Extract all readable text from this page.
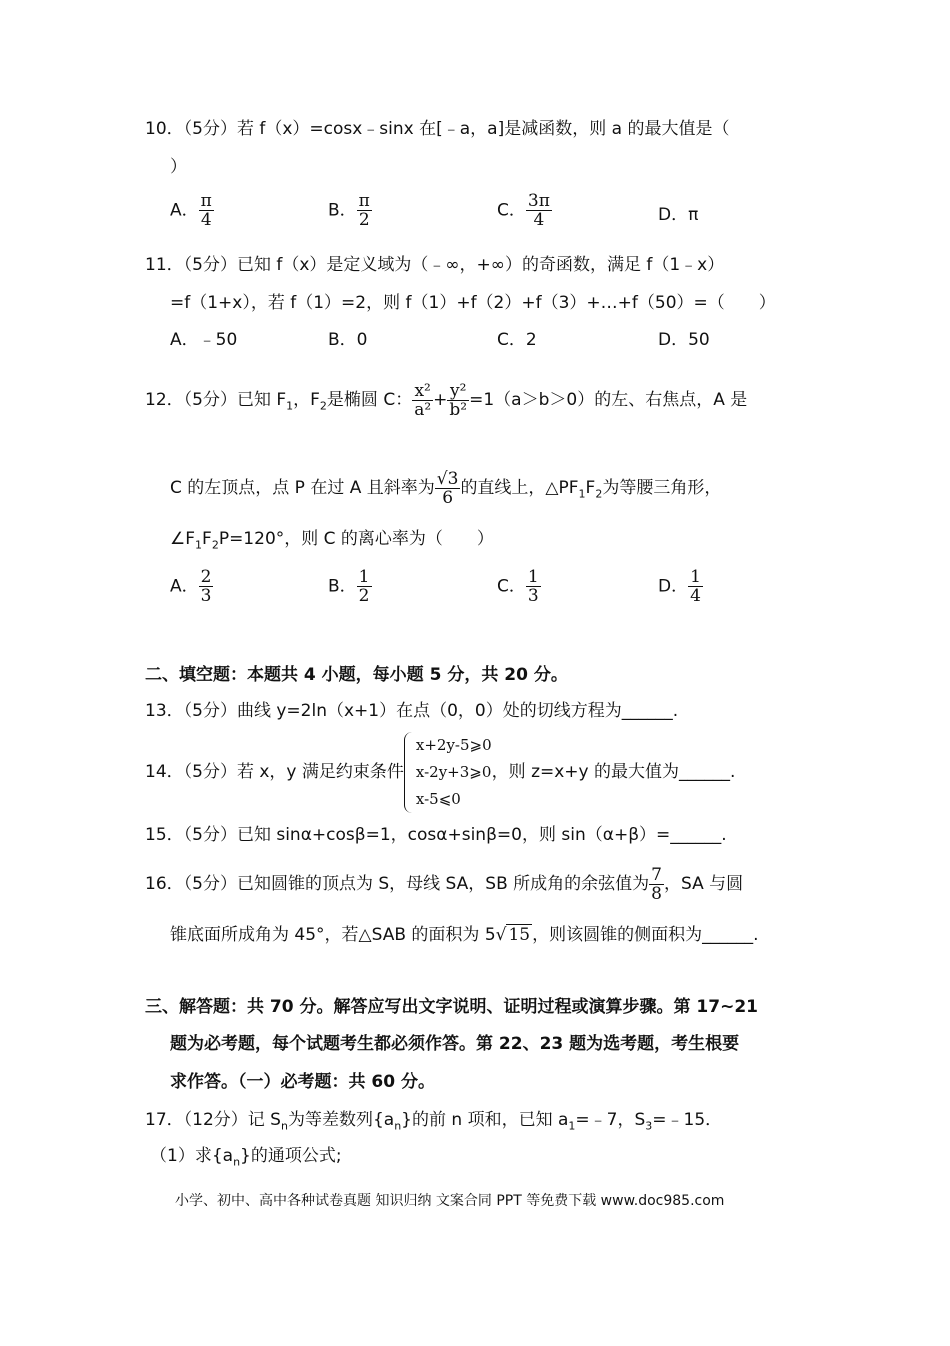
10．（5分）若 f（x）=cosx﹣sinx 在[﹣a，a]是减函数，则 a 的最大值是（
）
A． $\frac{\pi}{4}$	B． $\frac{\pi}{2}$	C． $\frac{3\pi}{4}$	D．π
11．（5分）已知 f（x）是定义域为（﹣∞，+∞）的奇函数，满足 f（1﹣x）
=f（1+x），若 f（1）=2，则 f（1）+f（2）+f（3）+…+f（50）=（　　）
A．﹣50	B．0	C．2	D．50
12．（5分）已知 $F_1$，$F_2$是椭圆 C： $\frac{\text{x²}}{\text{a²}} + \frac{\text{y²}}{\text{b²}} =1(a>b>0)$的左、右焦点，A 是
C 的左顶点，点 P 在过 A 且斜率为 $\frac{√3}{6}$ 的直线上，$\triangle PF_1F_2$为等腰三角形，
$\angle F_1F_2P=120^\circ$，则 C 的离心率为（　　）
A． $\frac{2}{3}$	B． $\frac{1}{2}$	C． $\frac{1}{3}$	D． $\frac{1}{4}$
二、填空题：本题共 4 小题，每小题 5 分，共 20 分。
13．（5分）曲线 y=2ln（x+1）在点（0，0）处的切线方程为______.
14．（5分）若 x，y 满足约束条件
x+2y-5⩾0
x-2y+3⩾0
x-5⩽0
，则 z=x+y 的最大值为______.
15．（5分）已知 sinα+cosβ=1，cosα+sinβ=0，则 sin（α+β）=______.
16．（5分）已知圆锥的顶点为 S，母线 SA，SB 所成角的余弦值为 $\frac{7}{8}$ ，SA 与圆
锥底面所成角为 45°，若△SAB 的面积为 5√ 15 ，则该圆锥的侧面积为______.
三、解答题：共 70 分。解答应写出文字说明、证明过程或演算步骤。第 17~21
题为必考题，每个试题考生都必须作答。第 22、23 题为选考题，考生根要
求作答。（一）必考题：共 60 分。
17．（12分）记 $S_n$为等差数列$\{a_n\}$的前 n 项和，已知 $a_1=﹣7$，$S_3=﹣15$．
（1）求$\{a_n\}$的通项公式;
小学、初中、高中各种试卷真题 知识归纳 文案合同 PPT 等免费下载 www.doc985.com
